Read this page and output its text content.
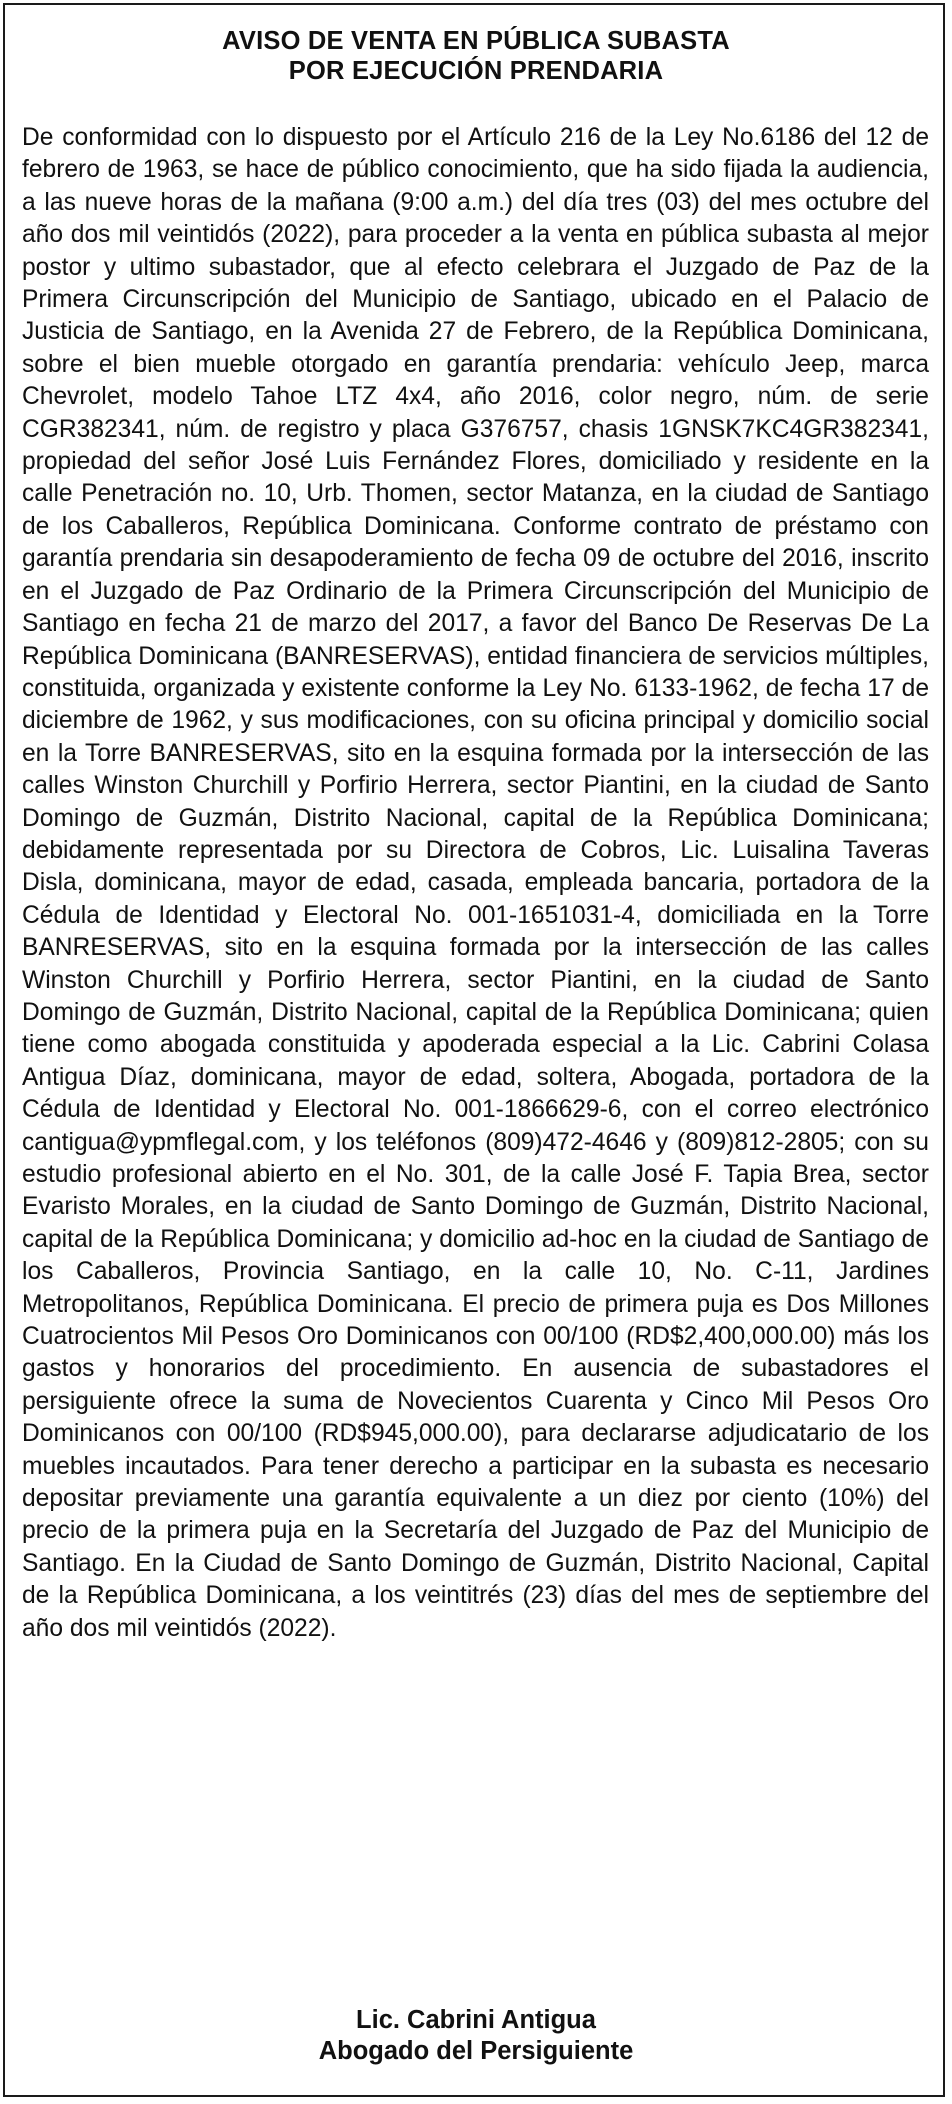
AVISO DE VENTA EN PÚBLICA SUBASTA
POR EJECUCIÓN PRENDARIA
De conformidad con lo dispuesto por el Artículo 216 de la Ley No.6186 del 12 de febrero de 1963, se hace de público conocimiento, que ha sido fijada la audiencia, a las nueve horas de la mañana (9:00 a.m.) del día tres (03) del mes octubre del año dos mil veintidós (2022), para proceder a la venta en pública subasta al mejor postor y ultimo subastador, que al efecto celebrara el Juzgado de Paz de la Primera Circunscripción del Municipio de Santiago, ubicado en el Palacio de Justicia de Santiago, en la Avenida 27 de Febrero, de la República Dominicana, sobre el bien mueble otorgado en garantía prendaria: vehículo Jeep, marca Chevrolet, modelo Tahoe LTZ 4x4, año 2016, color negro, núm. de serie CGR382341, núm. de registro y placa G376757, chasis 1GNSK7KC4GR382341, propiedad del señor José Luis Fernández Flores, domiciliado y residente en la calle Penetración no. 10, Urb. Thomen, sector Matanza, en la ciudad de Santiago de los Caballeros, República Dominicana. Conforme contrato de préstamo con garantía prendaria sin desapoderamiento de fecha 09 de octubre del 2016, inscrito en el Juzgado de Paz Ordinario de la Primera Circunscripción del Municipio de Santiago en fecha 21 de marzo del 2017, a favor del Banco De Reservas De La República Dominicana (BANRESERVAS), entidad financiera de servicios múltiples, constituida, organizada y existente conforme la Ley No. 6133-1962, de fecha 17 de diciembre de 1962, y sus modificaciones, con su oficina principal y domicilio social en la Torre BANRESERVAS, sito en la esquina formada por la intersección de las calles Winston Churchill y Porfirio Herrera, sector Piantini, en la ciudad de Santo Domingo de Guzmán, Distrito Nacional, capital de la República Dominicana; debidamente representada por su Directora de Cobros, Lic. Luisalina Taveras Disla, dominicana, mayor de edad, casada, empleada bancaria, portadora de la Cédula de Identidad y Electoral No. 001-1651031-4, domiciliada en la Torre BANRESERVAS, sito en la esquina formada por la intersección de las calles Winston Churchill y Porfirio Herrera, sector Piantini, en la ciudad de Santo Domingo de Guzmán, Distrito Nacional, capital de la República Dominicana; quien tiene como abogada constituida y apoderada especial a la Lic. Cabrini Colasa Antigua Díaz, dominicana, mayor de edad, soltera, Abogada, portadora de la Cédula de Identidad y Electoral No. 001-1866629-6, con el correo electrónico cantigua@ypmflegal.com, y los teléfonos (809)472-4646 y (809)812-2805; con su estudio profesional abierto en el No. 301, de la calle José F. Tapia Brea, sector Evaristo Morales, en la ciudad de Santo Domingo de Guzmán, Distrito Nacional, capital de la República Dominicana; y domicilio ad-hoc en la ciudad de Santiago de los Caballeros, Provincia Santiago, en la calle 10, No. C-11, Jardines Metropolitanos, República Dominicana. El precio de primera puja es Dos Millones Cuatrocientos Mil Pesos Oro Dominicanos con 00/100 (RD$2,400,000.00) más los gastos y honorarios del procedimiento. En ausencia de subastadores el persiguiente ofrece la suma de Novecientos Cuarenta y Cinco Mil Pesos Oro Dominicanos con 00/100 (RD$945,000.00), para declararse adjudicatario de los muebles incautados. Para tener derecho a participar en la subasta es necesario depositar previamente una garantía equivalente a un diez por ciento (10%) del precio de la primera puja en la Secretaría del Juzgado de Paz del Municipio de Santiago. En la Ciudad de Santo Domingo de Guzmán, Distrito Nacional, Capital de la República Dominicana, a los veintitrés (23) días del mes de septiembre del año dos mil veintidós (2022).
Lic. Cabrini Antigua
Abogado del Persiguiente
